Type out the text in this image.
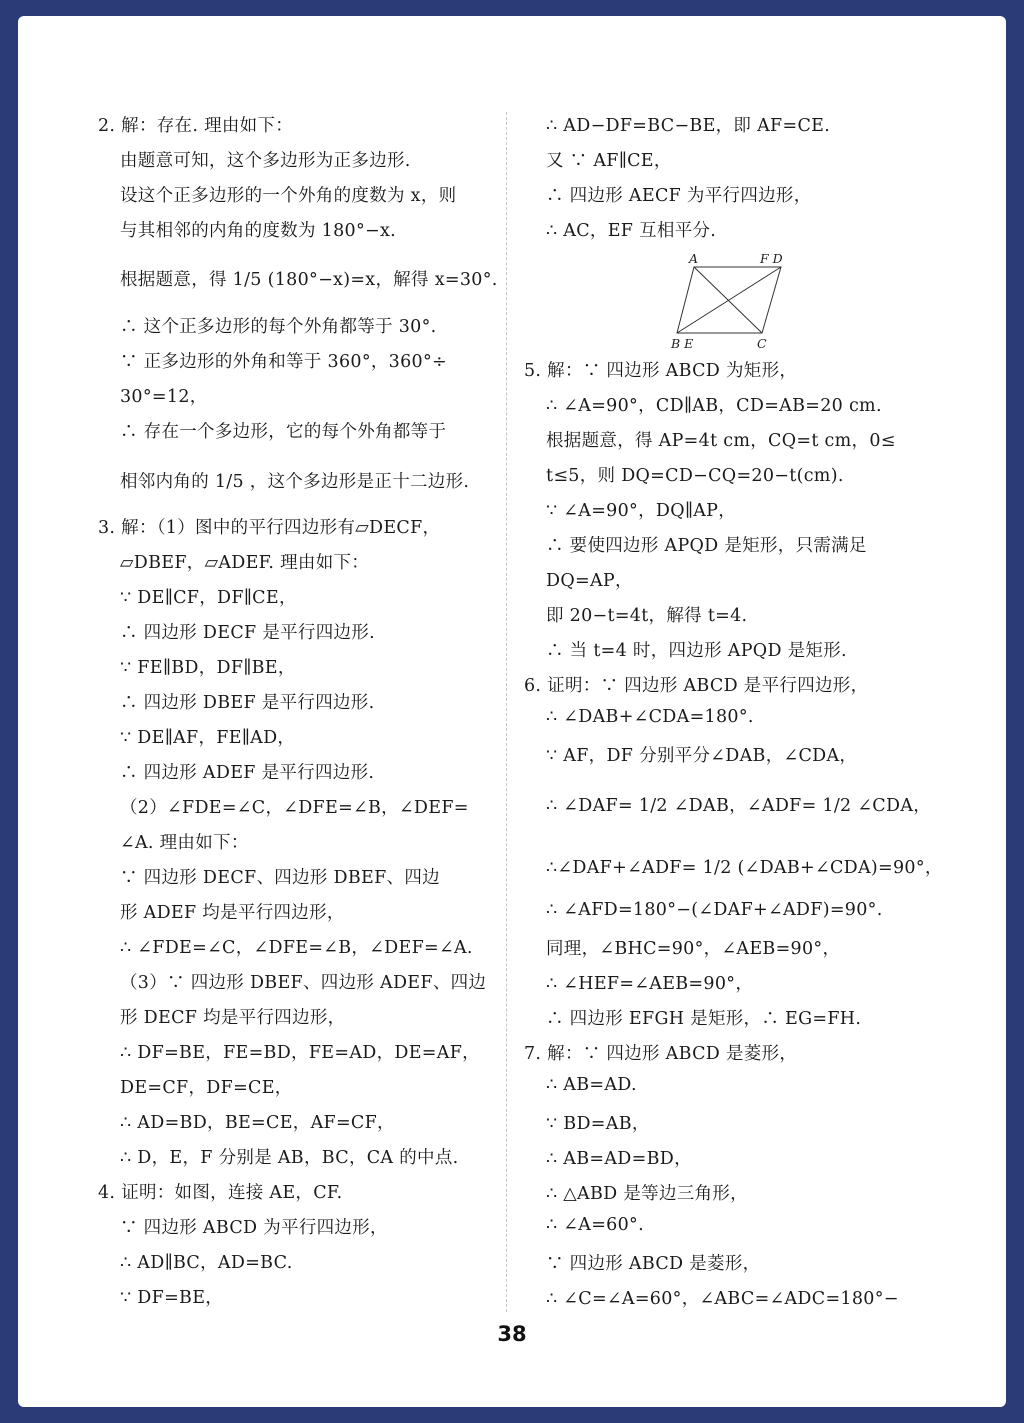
2. 解：存在. 理由如下：
由题意可知，这个多边形为正多边形.
设这个正多边形的一个外角的度数为 x，则
与其相邻的内角的度数为 180°−x.
根据题意，得 1/5 (180°−x)=x，解得 x=30°.
∴ 这个正多边形的每个外角都等于 30°.
∵ 正多边形的外角和等于 360°，360°÷
30°=12，
∴ 存在一个多边形，它的每个外角都等于
相邻内角的 1/5 ，这个多边形是正十二边形.
3. 解：（1）图中的平行四边形有▱DECF，
▱DBEF，▱ADEF. 理由如下：
∵ DE∥CF，DF∥CE，
∴ 四边形 DECF 是平行四边形.
∵ FE∥BD，DF∥BE，
∴ 四边形 DBEF 是平行四边形.
∵ DE∥AF，FE∥AD，
∴ 四边形 ADEF 是平行四边形.
（2）∠FDE=∠C，∠DFE=∠B，∠DEF=
∠A. 理由如下：
∵ 四边形 DECF、四边形 DBEF、四边
形 ADEF 均是平行四边形，
∴ ∠FDE=∠C，∠DFE=∠B，∠DEF=∠A.
（3）∵ 四边形 DBEF、四边形 ADEF、四边
形 DECF 均是平行四边形，
∴ DF=BE，FE=BD，FE=AD，DE=AF，
DE=CF，DF=CE，
∴ AD=BD，BE=CE，AF=CF，
∴ D，E，F 分别是 AB，BC，CA 的中点.
4. 证明：如图，连接 AE，CF.
∵ 四边形 ABCD 为平行四边形，
∴ AD∥BC，AD=BC.
∵ DF=BE，
∴ AD−DF=BC−BE，即 AF=CE.
又 ∵ AF∥CE，
∴ 四边形 AECF 为平行四边形，
∴ AC，EF 互相平分.
5. 解：∵ 四边形 ABCD 为矩形，
∴ ∠A=90°，CD∥AB，CD=AB=20 cm.
根据题意，得 AP=4t cm，CQ=t cm，0≤
t≤5，则 DQ=CD−CQ=20−t(cm).
∵ ∠A=90°，DQ∥AP，
∴ 要使四边形 APQD 是矩形，只需满足
DQ=AP，
即 20−t=4t，解得 t=4.
∴ 当 t=4 时，四边形 APQD 是矩形.
6. 证明：∵ 四边形 ABCD 是平行四边形，
∴ ∠DAB+∠CDA=180°.
∵ AF，DF 分别平分∠DAB，∠CDA，
∴ ∠DAF= 1/2 ∠DAB，∠ADF= 1/2 ∠CDA，
∴∠DAF+∠ADF= 1/2 (∠DAB+∠CDA)=90°，
∴ ∠AFD=180°−(∠DAF+∠ADF)=90°.
同理，∠BHC=90°，∠AEB=90°，
∴ ∠HEF=∠AEB=90°，
∴ 四边形 EFGH 是矩形，∴ EG=FH.
7. 解：∵ 四边形 ABCD 是菱形，
∴ AB=AD.
∵ BD=AB，
∴ AB=AD=BD，
∴ △ABD 是等边三角形，
∴ ∠A=60°.
∵ 四边形 ABCD 是菱形，
∴ ∠C=∠A=60°，∠ABC=∠ADC=180°−
A	F D
B E	C
38
